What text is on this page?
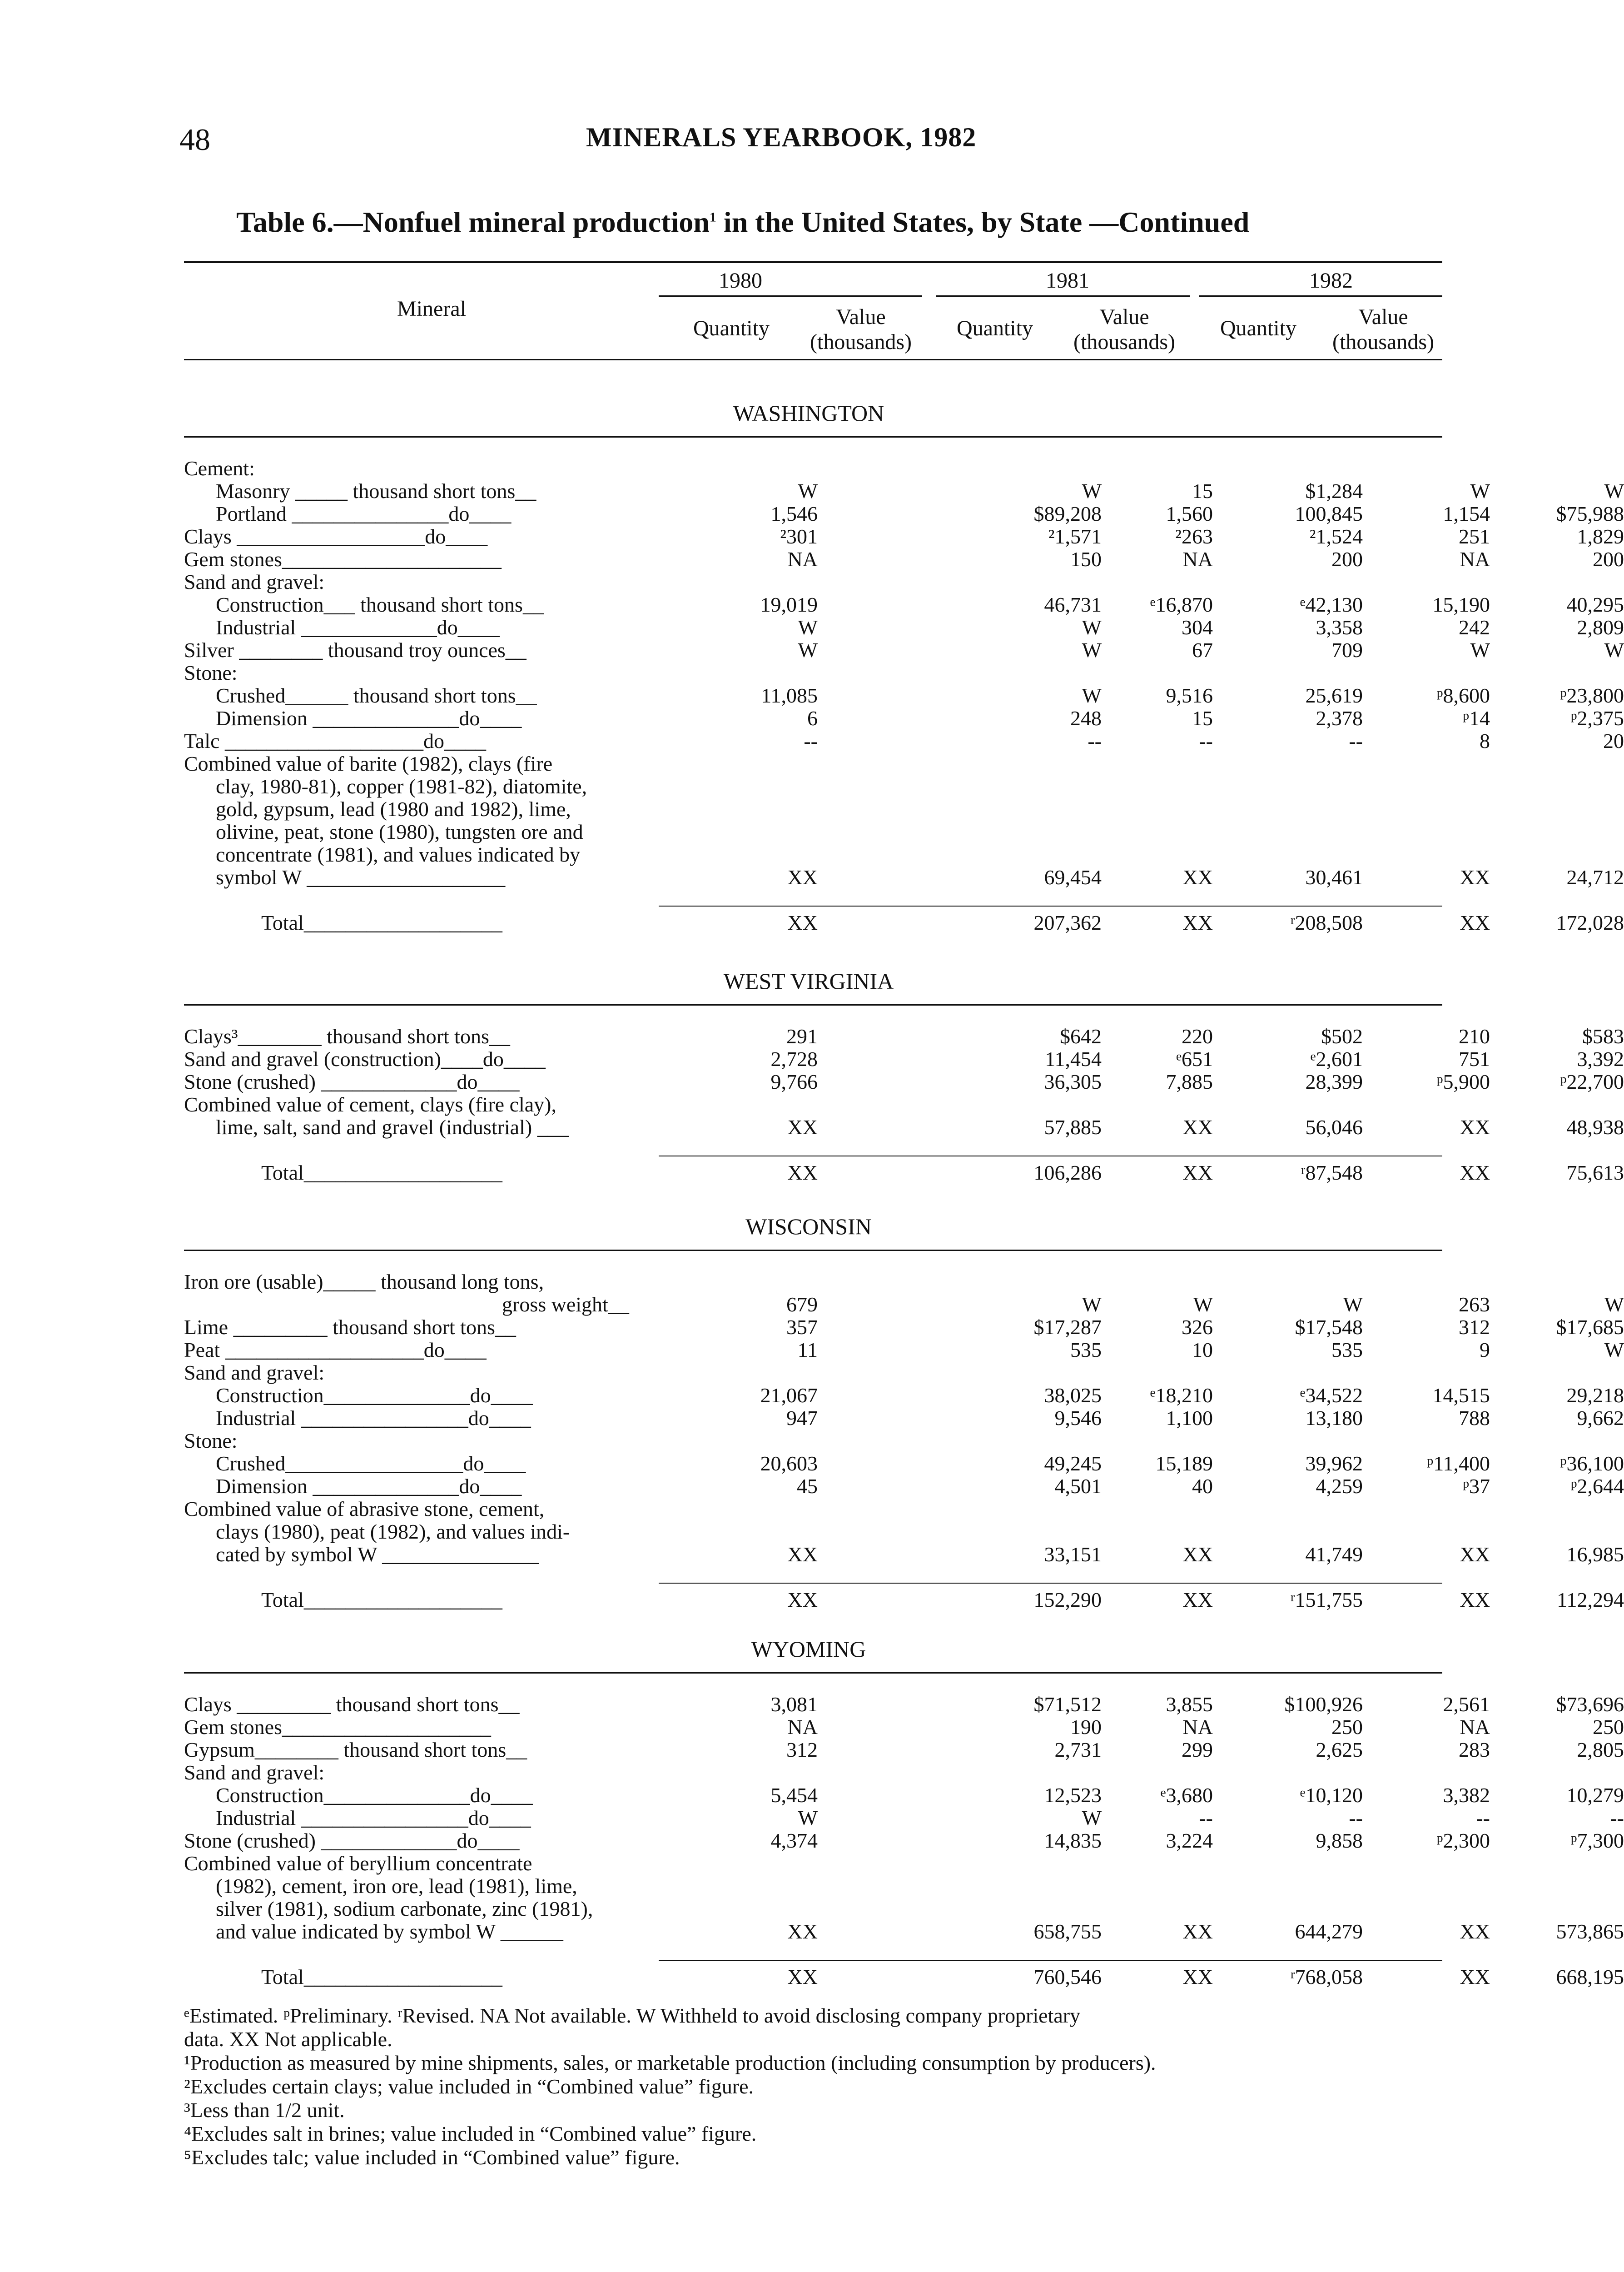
48	MINERALS YEARBOOK, 1982
Table 6.—Nonfuel mineral production$^1$ in the United States, by State —Continued
Mineral
1980	1981	1982
Quantity	Value
(thousands)
Quantity	Value
(thousands)
Quantity	Value
(thousands)
WASHINGTON
Cement:
Masonry _____ thousand short tons__	W	W	15	$1,284	W	W
Portland _______________do____	1,546	$89,208	1,560	100,845	1,154	$75,988
Clays __________________do____	²301	²1,571	²263	²1,524	251	1,829
Gem stones_____________________	NA	150	NA	200	NA	200
Sand and gravel:
Construction___ thousand short tons__	19,019	46,731	ᵉ16,870	ᵉ42,130	15,190	40,295
Industrial _____________do____	W	W	304	3,358	242	2,809
Silver ________ thousand troy ounces__	W	W	67	709	W	W
Stone:
Crushed______ thousand short tons__	11,085	W	9,516	25,619	ᵖ8,600	ᵖ23,800
Dimension ______________do____	6	248	15	2,378	ᵖ14	ᵖ2,375
Talc ___________________do____	--	--	--	--	8	20
Combined value of barite (1982), clays (fire
clay, 1980-81), copper (1981-82), diatomite,
gold, gypsum, lead (1980 and 1982), lime,
olivine, peat, stone (1980), tungsten ore and
concentrate (1981), and values indicated by
symbol W ___________________	XX	69,454	XX	30,461	XX	24,712
Total___________________	XX	207,362	XX	ʳ208,508	XX	172,028
WEST VIRGINIA
Clays³________ thousand short tons__	291	$642	220	$502	210	$583
Sand and gravel (construction)____do____	2,728	11,454	ᵉ651	ᵉ2,601	751	3,392
Stone (crushed) _____________do____	9,766	36,305	7,885	28,399	ᵖ5,900	ᵖ22,700
Combined value of cement, clays (fire clay),
lime, salt, sand and gravel (industrial) ___	XX	57,885	XX	56,046	XX	48,938
Total___________________	XX	106,286	XX	ʳ87,548	XX	75,613
WISCONSIN
Iron ore (usable)_____ thousand long tons,
gross weight__	679	W	W	W	263	W
Lime _________ thousand short tons__	357	$17,287	326	$17,548	312	$17,685
Peat ___________________do____	11	535	10	535	9	W
Sand and gravel:
Construction______________do____	21,067	38,025	ᵉ18,210	ᵉ34,522	14,515	29,218
Industrial ________________do____	947	9,546	1,100	13,180	788	9,662
Stone:
Crushed_________________do____	20,603	49,245	15,189	39,962	ᵖ11,400	ᵖ36,100
Dimension ______________do____	45	4,501	40	4,259	ᵖ37	ᵖ2,644
Combined value of abrasive stone, cement,
clays (1980), peat (1982), and values indi-
cated by symbol W _______________	XX	33,151	XX	41,749	XX	16,985
Total___________________	XX	152,290	XX	ʳ151,755	XX	112,294
WYOMING
Clays _________ thousand short tons__	3,081	$71,512	3,855	$100,926	2,561	$73,696
Gem stones____________________	NA	190	NA	250	NA	250
Gypsum________ thousand short tons__	312	2,731	299	2,625	283	2,805
Sand and gravel:
Construction______________do____	5,454	12,523	ᵉ3,680	ᵉ10,120	3,382	10,279
Industrial ________________do____	W	W	--	--	--	--
Stone (crushed) _____________do____	4,374	14,835	3,224	9,858	ᵖ2,300	ᵖ7,300
Combined value of beryllium concentrate
(1982), cement, iron ore, lead (1981), lime,
silver (1981), sodium carbonate, zinc (1981),
and value indicated by symbol W ______	XX	658,755	XX	644,279	XX	573,865
Total___________________	XX	760,546	XX	ʳ768,058	XX	668,195
ᵉEstimated. ᵖPreliminary. ʳRevised. NA Not available. W Withheld to avoid disclosing company proprietary
data. XX Not applicable.
¹Production as measured by mine shipments, sales, or marketable production (including consumption by producers).
²Excludes certain clays; value included in “Combined value” figure.
³Less than 1/2 unit.
⁴Excludes salt in brines; value included in “Combined value” figure.
⁵Excludes talc; value included in “Combined value” figure.
